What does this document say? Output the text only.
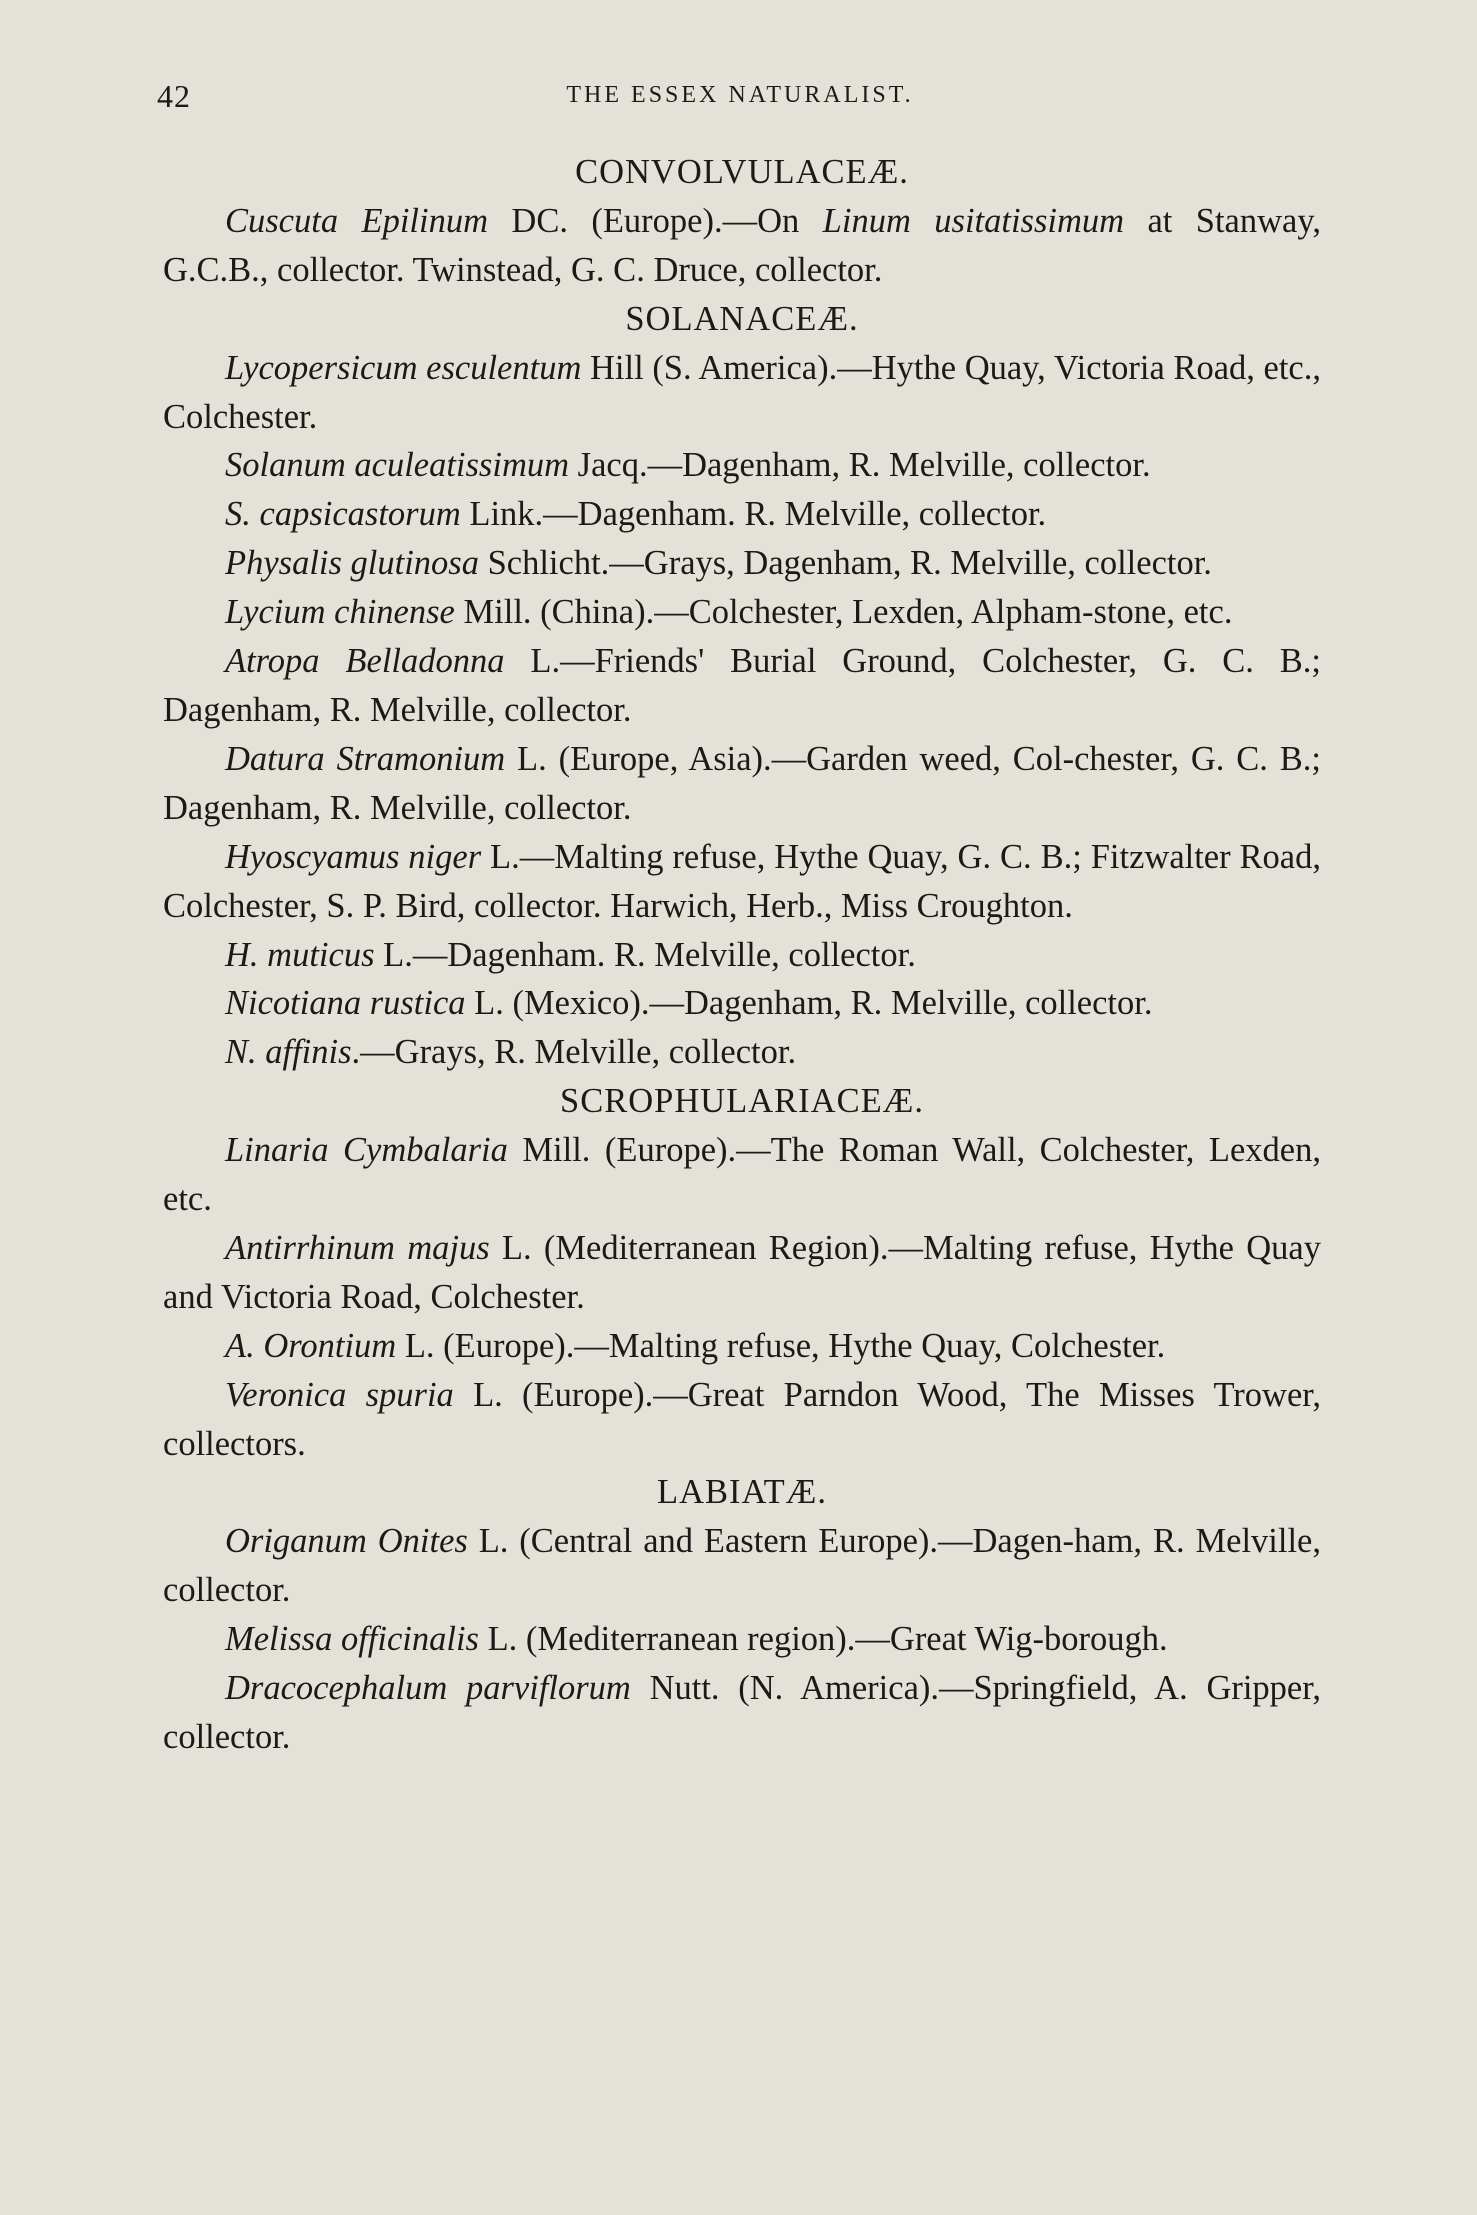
42	THE ESSEX NATURALIST.
CONVOLVULACEÆ.

Cuscuta Epilinum DC. (Europe).—On Linum usitatissimum at Stanway, G.C.B., collector. Twinstead, G. C. Druce, collector.

SOLANACEÆ.

Lycopersicum esculentum Hill (S. America).—Hythe Quay, Victoria Road, etc., Colchester.

Solanum aculeatissimum Jacq.—Dagenham, R. Melville, collector.

S. capsicastorum Link.—Dagenham. R. Melville, collector.

Physalis glutinosa Schlicht.—Grays, Dagenham, R. Melville, collector.

Lycium chinense Mill. (China).—Colchester, Lexden, Alpham-stone, etc.

Atropa Belladonna L.—Friends' Burial Ground, Colchester, G. C. B.; Dagenham, R. Melville, collector.

Datura Stramonium L. (Europe, Asia).—Garden weed, Col-chester, G. C. B.; Dagenham, R. Melville, collector.

Hyoscyamus niger L.—Malting refuse, Hythe Quay, G. C. B.; Fitzwalter Road, Colchester, S. P. Bird, collector. Harwich, Herb., Miss Croughton.

H. muticus L.—Dagenham. R. Melville, collector.

Nicotiana rustica L. (Mexico).—Dagenham, R. Melville, collector.

N. affinis.—Grays, R. Melville, collector.

SCROPHULARIACEÆ.

Linaria Cymbalaria Mill. (Europe).—The Roman Wall, Colchester, Lexden, etc.

Antirrhinum majus L. (Mediterranean Region).—Malting refuse, Hythe Quay and Victoria Road, Colchester.

A. Orontium L. (Europe).—Malting refuse, Hythe Quay, Colchester.

Veronica spuria L. (Europe).—Great Parndon Wood, The Misses Trower, collectors.

LABIATÆ.

Origanum Onites L. (Central and Eastern Europe).—Dagen-ham, R. Melville, collector.

Melissa officinalis L. (Mediterranean region).—Great Wig-borough.

Dracocephalum parviflorum Nutt. (N. America).—Springfield, A. Gripper, collector.
